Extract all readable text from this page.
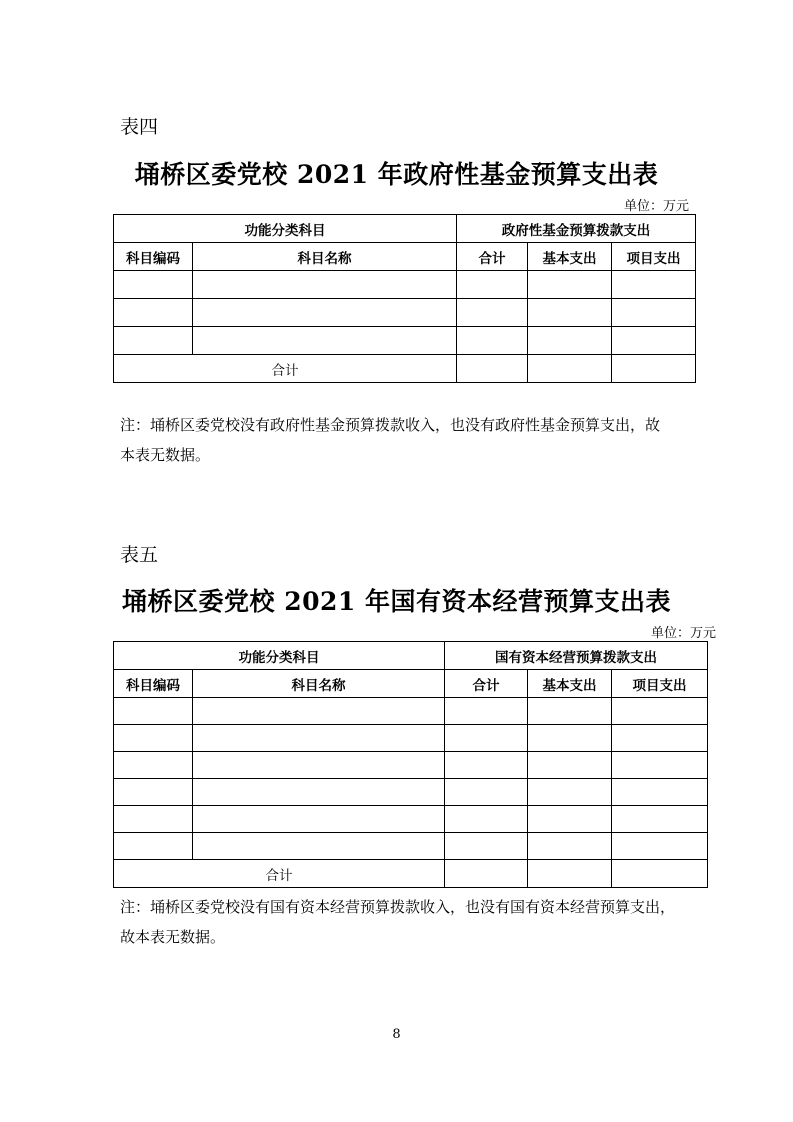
表四
埇桥区委党校 2021 年政府性基金预算支出表
单位：万元
功能分类科目		政府性基金预算拨款支出		
科目编码	科目名称	合计	基本支出	项目支出

合计				
注：埇桥区委党校没有政府性基金预算拨款收入，也没有政府性基金预算支出，故
本表无数据。
表五
埇桥区委党校 2021 年国有资本经营预算支出表
单位：万元
功能分类科目		国有资本经营预算拨款支出		
科目编码	科目名称	合计	基本支出	项目支出

合计				
注：埇桥区委党校没有国有资本经营预算拨款收入，也没有国有资本经营预算支出，
故本表无数据。
8
